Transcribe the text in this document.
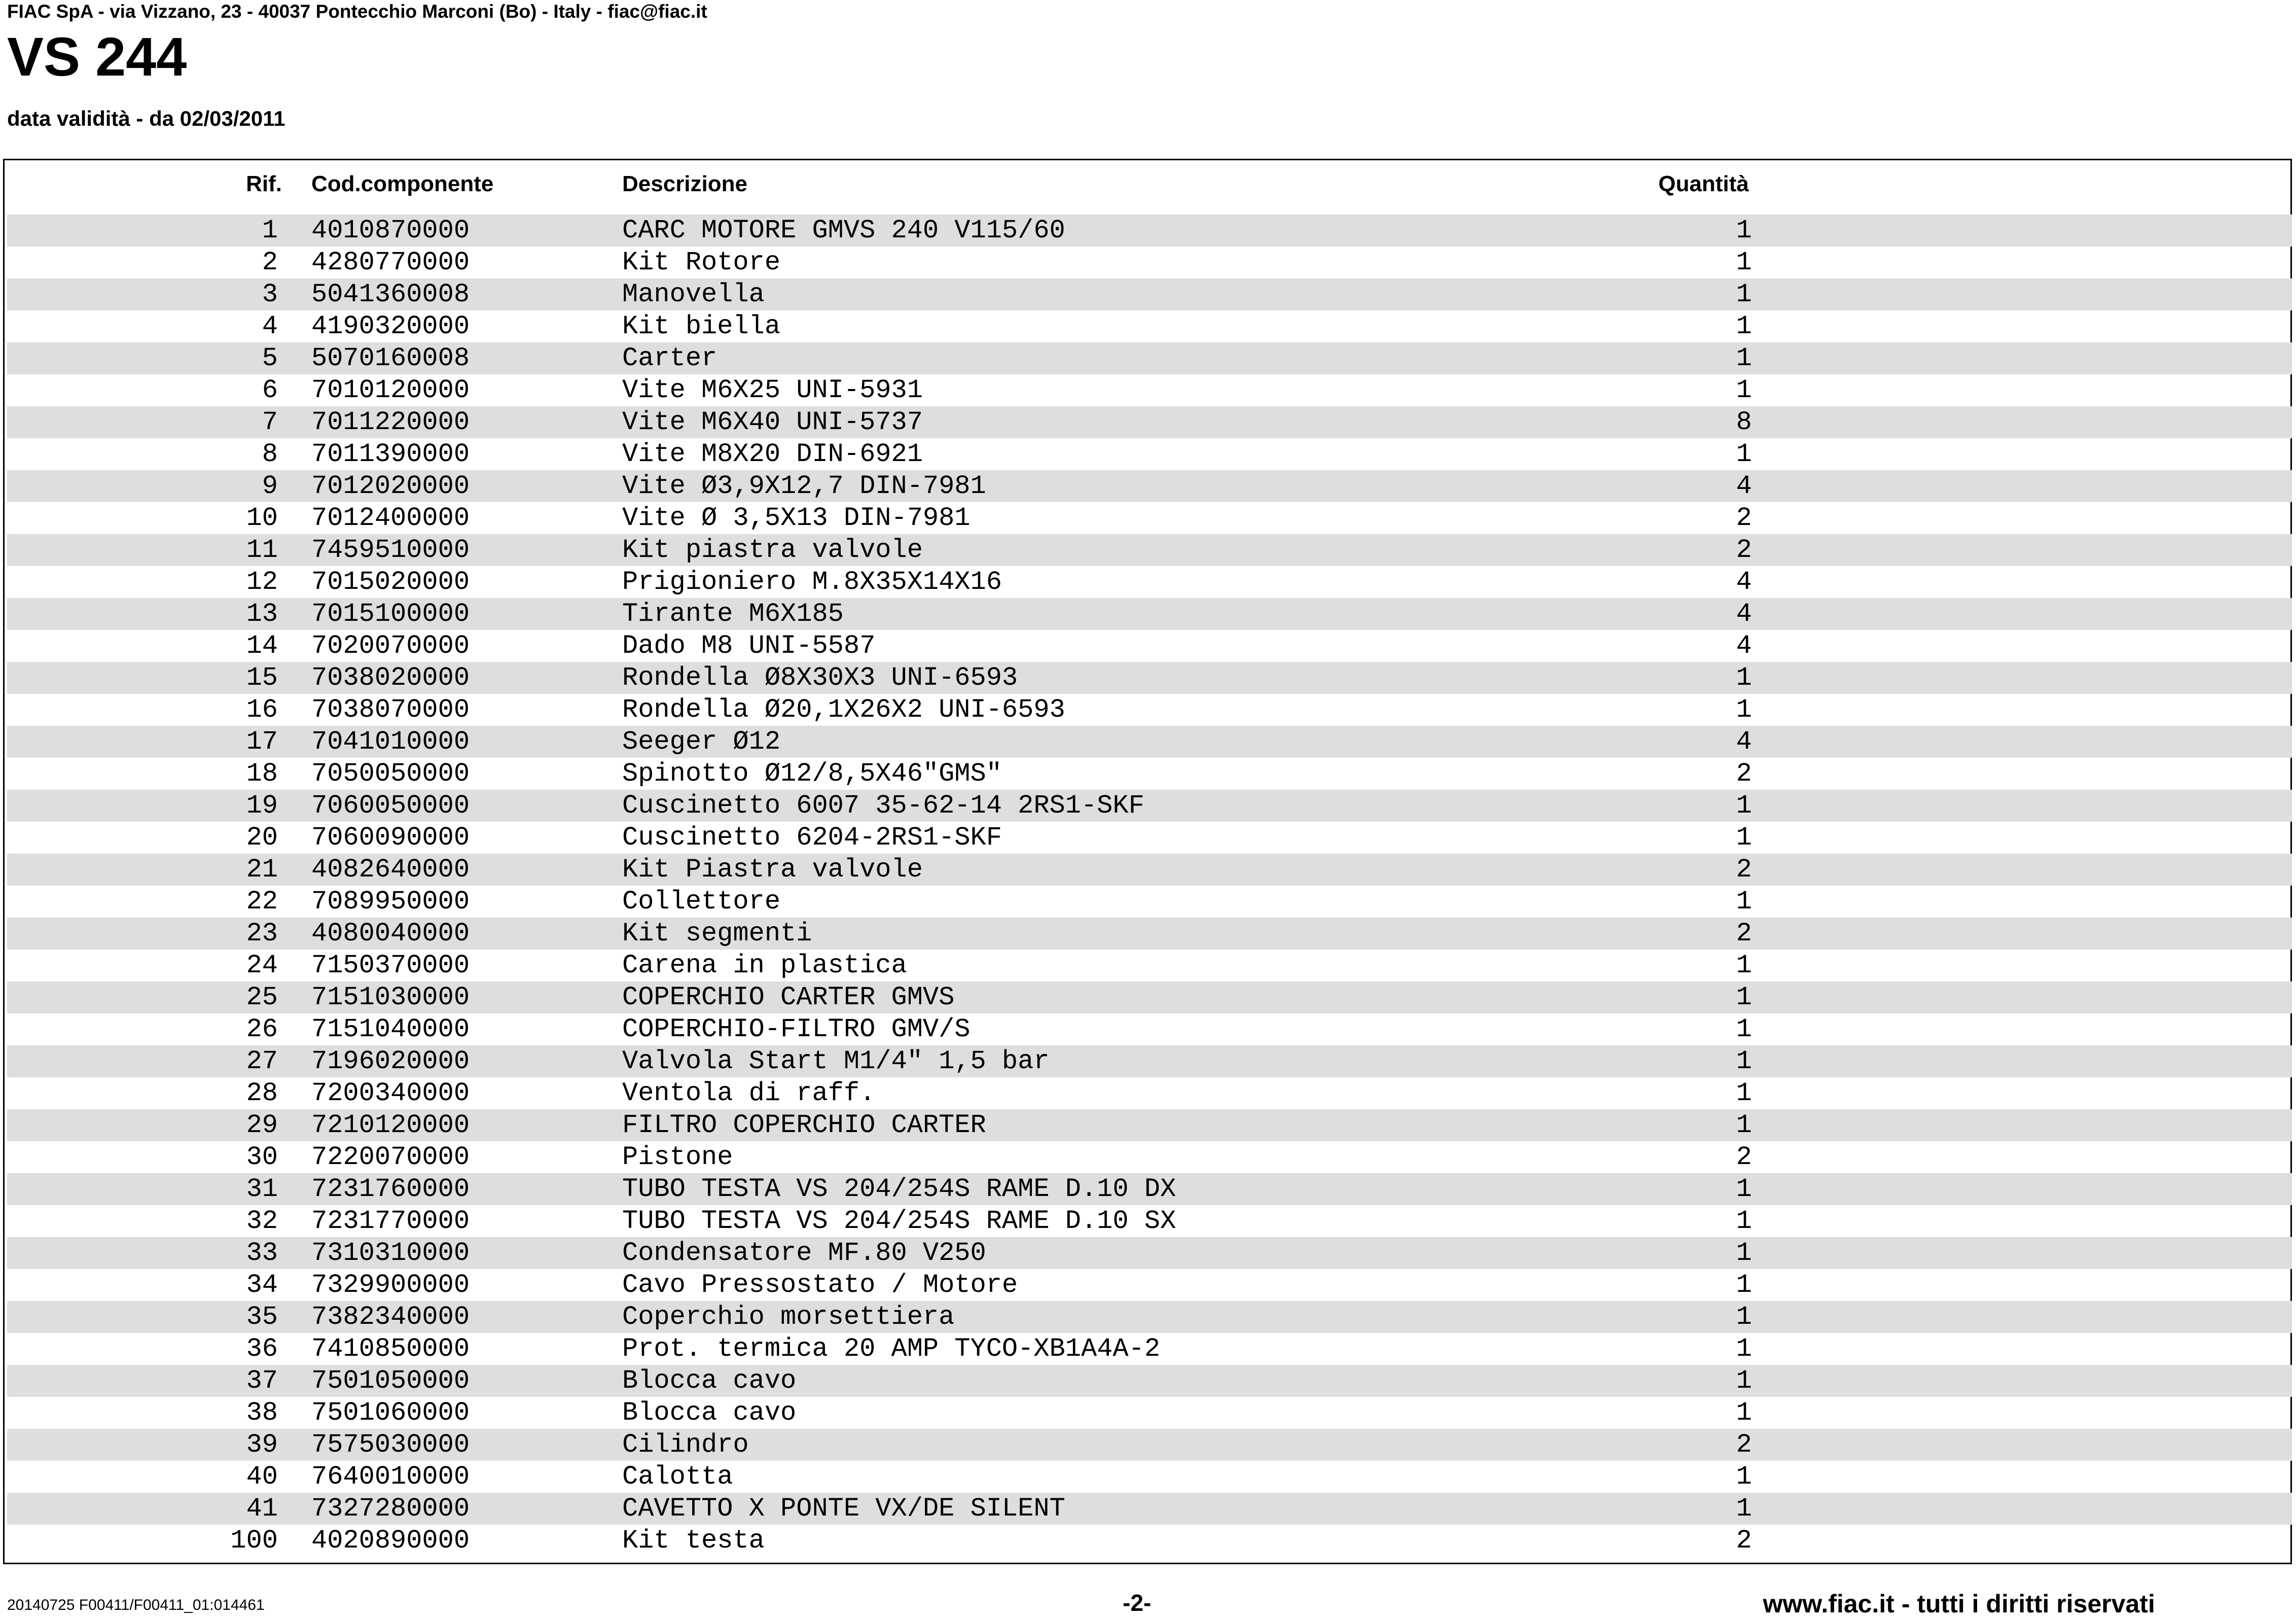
FIAC SpA - via Vizzano, 23 - 40037 Pontecchio Marconi (Bo) - Italy - fiac@fiac.it
VS 244
data validità - da 02/03/2011
Rif. Cod.componente	Descrizione	Quantità
1 4010870000	CARC MOTORE GMVS 240 V115/60	1
2 4280770000	Kit Rotore	1
3 5041360008	Manovella	1
4 4190320000	Kit biella	1
5 5070160008	Carter	1
6 7010120000	Vite M6X25 UNI-5931	1
7 7011220000	Vite M6X40 UNI-5737	8
8 7011390000	Vite M8X20 DIN-6921	1
9 7012020000	Vite Ø3,9X12,7 DIN-7981	4
10 7012400000	Vite Ø 3,5X13 DIN-7981	2
11 7459510000	Kit piastra valvole	2
12 7015020000	Prigioniero M.8X35X14X16	4
13 7015100000	Tirante M6X185	4
14 7020070000	Dado M8 UNI-5587	4
15 7038020000	Rondella Ø8X30X3 UNI-6593	1
16 7038070000	Rondella Ø20,1X26X2 UNI-6593	1
17 7041010000	Seeger Ø12	4
18 7050050000	Spinotto Ø12/8,5X46"GMS"	2
19 7060050000	Cuscinetto 6007 35-62-14 2RS1-SKF	1
20 7060090000	Cuscinetto 6204-2RS1-SKF	1
21 4082640000	Kit Piastra valvole	2
22 7089950000	Collettore	1
23 4080040000	Kit segmenti	2
24 7150370000	Carena in plastica	1
25 7151030000	COPERCHIO CARTER GMVS	1
26 7151040000	COPERCHIO-FILTRO GMV/S	1
27 7196020000	Valvola Start M1/4" 1,5 bar	1
28 7200340000	Ventola di raff.	1
29 7210120000	FILTRO COPERCHIO CARTER	1
30 7220070000	Pistone	2
31 7231760000	TUBO TESTA VS 204/254S RAME D.10 DX	1
32 7231770000	TUBO TESTA VS 204/254S RAME D.10 SX	1
33 7310310000	Condensatore MF.80 V250	1
34 7329900000	Cavo Pressostato / Motore	1
35 7382340000	Coperchio morsettiera	1
36 7410850000	Prot. termica 20 AMP TYCO-XB1A4A-2	1
37 7501050000	Blocca cavo	1
38 7501060000	Blocca cavo	1
39 7575030000	Cilindro	2
40 7640010000	Calotta	1
41 7327280000	CAVETTO X PONTE VX/DE SILENT	1
100 4020890000	Kit testa	2
20140725 F00411/F00411_01:014461	-2-	www.fiac.it - tutti i diritti riservati
